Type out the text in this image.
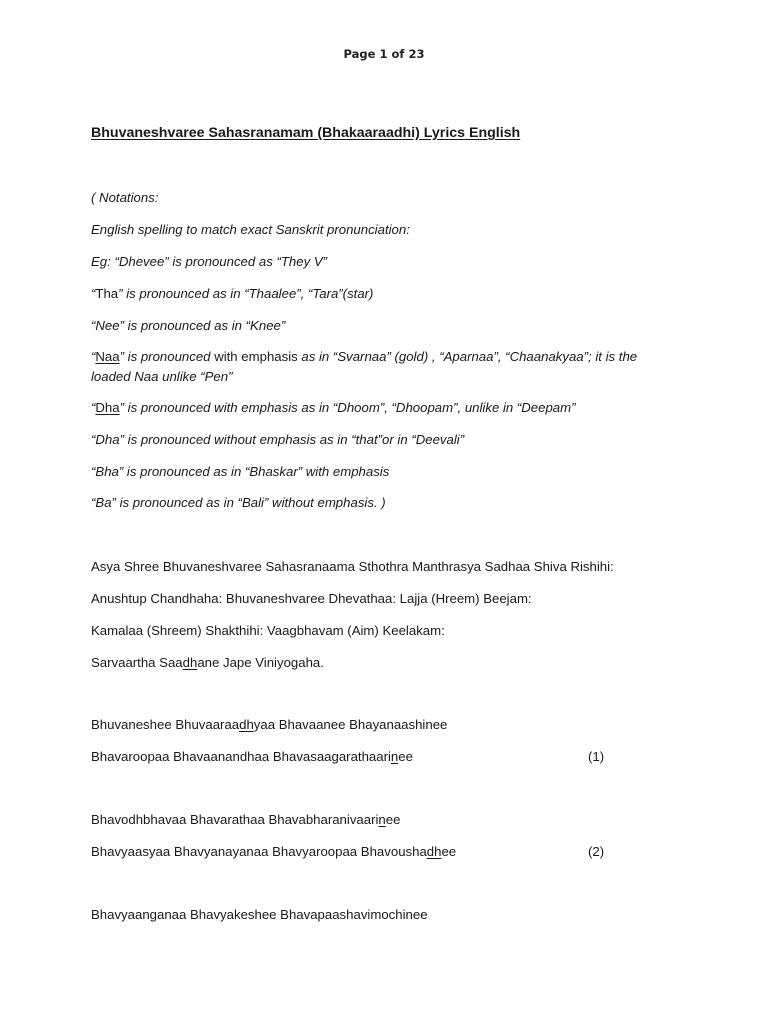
Page 1 of 23
Bhuvaneshvaree Sahasranamam (Bhakaaraadhi) Lyrics English
( Notations:
English spelling to match exact Sanskrit pronunciation:
Eg: “Dhevee” is pronounced as “They V”
“Tha” is pronounced as in “Thaalee”, “Tara”(star)
“Nee” is pronounced as in “Knee”
“Naa” is pronounced with emphasis as in “Svarnaa” (gold) , “Aparnaa”, “Chaanakyaa”; it is the
loaded Naa unlike “Pen”
“Dha” is pronounced with emphasis as in “Dhoom”, “Dhoopam”, unlike in “Deepam”
“Dha” is pronounced without emphasis as in “that”or in “Deevali”
“Bha” is pronounced as in “Bhaskar” with emphasis
“Ba” is pronounced as in “Bali” without emphasis. )
Asya Shree Bhuvaneshvaree Sahasranaama Sthothra Manthrasya Sadhaa Shiva Rishihi:
Anushtup Chandhaha: Bhuvaneshvaree Dhevathaa: Lajja (Hreem) Beejam:
Kamalaa (Shreem) Shakthihi: Vaagbhavam (Aim) Keelakam:
Sarvaartha Saadhane Jape Viniyogaha.
Bhuvaneshee Bhuvaaraadhyaa Bhavaanee Bhayanaashinee
Bhavaroopaa Bhavaanandhaa Bhavasaagarathaarinee	(1)
Bhavodhbhavaa Bhavarathaa Bhavabharanivaarinee
Bhavyaasyaa Bhavyanayanaa Bhavyaroopaa Bhavoushadhee	(2)
Bhavyaanganaa Bhavyakeshee Bhavapaashavimochinee
